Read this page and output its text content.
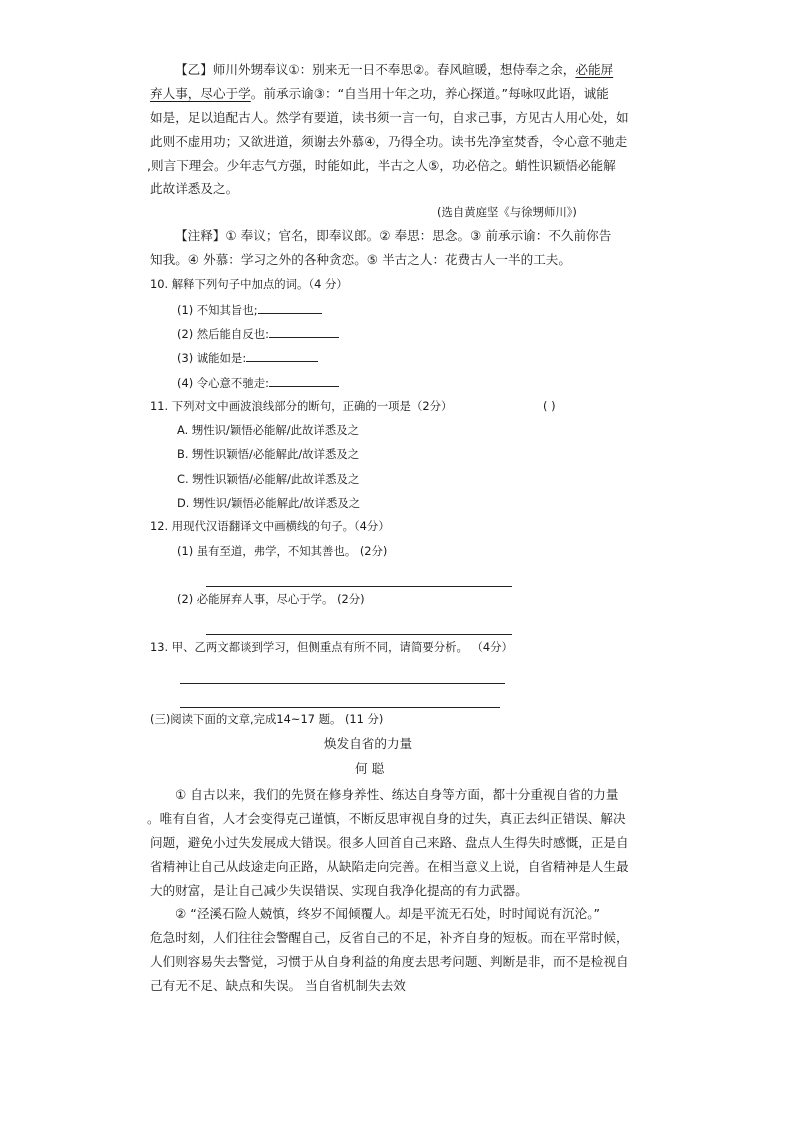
【乙】师川外甥奉议①：别来无一日不奉思②。春风暄暖，想侍奉之余，必能屏
弃人事，尽心于学。前承示谕③：“自当用十年之功，养心探道。”每咏叹此语，诚能
如是，足以追配古人。然学有要道，读书须一言一句，自求己事，方见古人用心处，如
此则不虚用功；又欲进道，须谢去外慕④，乃得全功。读书先净室焚香，令心意不驰走
,则言下理会。少年志气方强，时能如此，半古之人⑤，功必倍之。蛸性识颖悟必能解
此故详悉及之。
(选自黄庭坚《与徐甥师川》)
【注释】① 奉议；官名，即奉议郎。② 奉思：思念。③ 前承示谕：不久前你告
知我。④ 外慕：学习之外的各种贪恋。⑤ 半古之人：花费古人一半的工夫。
10. 解释下列句子中加点的词。（4 分）
(1) 不知其旨也;
(2) 然后能自反也:
(3) 诚能如是:
(4) 令心意不驰走:
11. 下列对文中画波浪线部分的断句，正确的一项是（2分）	( )
A. 甥性识/颖悟必能解/此故详悉及之
B. 甥性识颖悟/必能解此/故详悉及之
C. 甥性识颖悟/必能解/此故详悉及之
D. 甥性识/颖悟必能解此/故详悉及之
12. 用现代汉语翻译文中画横线的句子。（4分）
(1) 虽有至道，弗学，不知其善也。 (2分)
(2) 必能屏弃人事，尽心于学。 (2分)
13. 甲、乙两文都谈到学习，但侧重点有所不同，请简要分析。 （4分）
(三)阅读下面的文章,完成14~17 题。 (11 分)
焕发自省的力量
何 聪
① 自古以来，我们的先贤在修身养性、练达自身等方面，都十分重视自省的力量
。唯有自省，人才会变得克己谨慎，不断反思审视自身的过失，真正去纠正错误、解决
问题，避免小过失发展成大错误。很多人回首自己来路、盘点人生得失时感慨，正是自
省精神让自己从歧途走向正路，从缺陷走向完善。在相当意义上说，自省精神是人生最
大的财富，是让自己减少失误错误、实现自我净化提高的有力武器。
② “泾溪石险人兢慎，终岁不闻倾覆人。却是平流无石处，时时闻说有沉沦。”
危急时刻，人们往往会警醒自己，反省自己的不足，补齐自身的短板。而在平常时候，
人们则容易失去警觉，习惯于从自身利益的角度去思考问题、判断是非，而不是检视自
己有无不足、缺点和失误。 当自省机制失去效
